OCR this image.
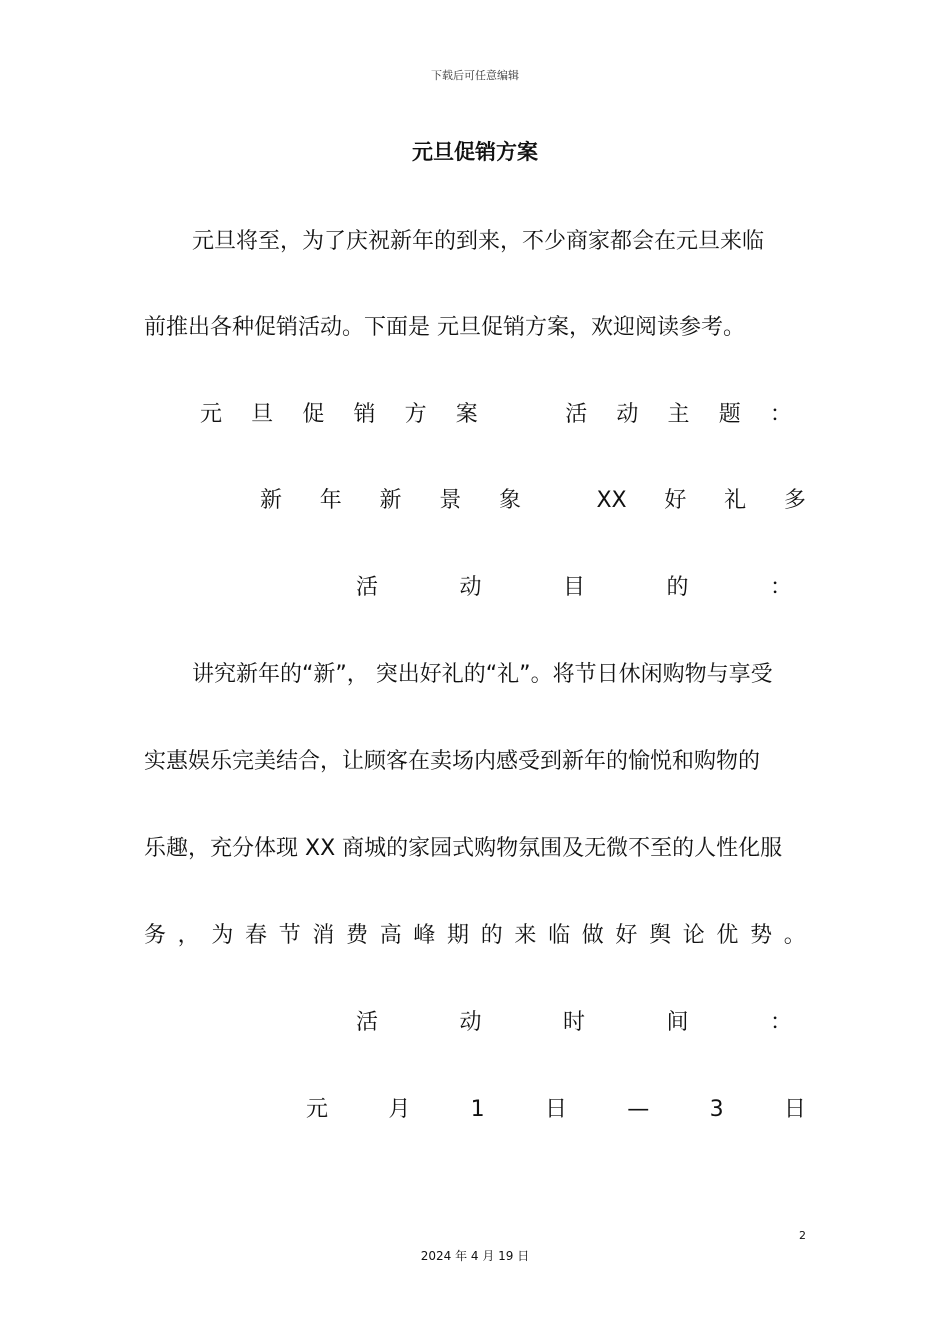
下载后可任意编辑
元旦促销方案
元旦将至，为了庆祝新年的到来，不少商家都会在元旦来临
前推出各种促销活动。下面是 元旦促销方案，欢迎阅读参考。
元 旦 促 销 方 案	活 动 主 题 ：
新 年 新 景 象	XX 好 礼 多
活	动	目	的	：
讲究新年的“新”， 突出好礼的“礼”。将节日休闲购物与享受
实惠娱乐完美结合，让顾客在卖场内感受到新年的愉悦和购物的
乐趣，充分体现 XX 商城的家园式购物氛围及无微不至的人性化服
务 ， 为 春 节 消 费 高 峰 期 的 来 临 做 好 舆 论 优 势 。
活	动	时	间	：
元	月	1	日	—	3	日
2
2024 年 4 月 19 日
